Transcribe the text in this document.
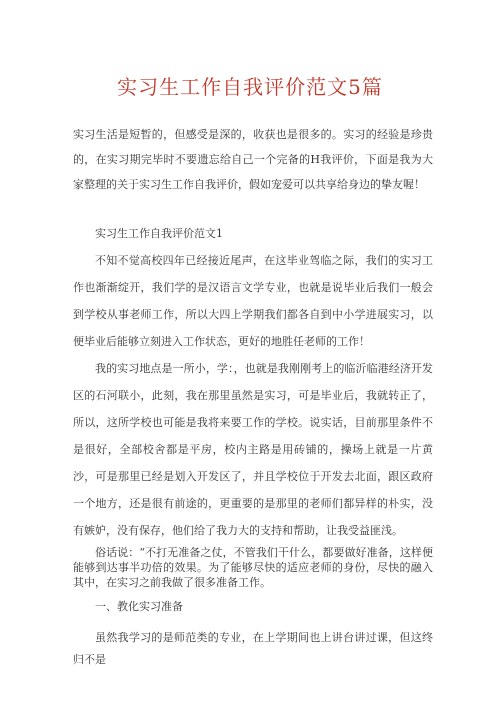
实习生工作自我评价范文5篇

实习生活是短暂的，但感受是深的，收获也是很多的。实习的经验是珍贵的，在实习期完毕时不要遗忘给自己一个完备的H我评价，下面是我为大家整理的关于实习生工作自我评价，假如宠爱可以共享给身边的挚友喔！

实习生工作自我评价范文1

不知不觉高校四年已经接近尾声，在这毕业驾临之际，我们的实习工作也渐渐绽开，我们学的是汉语言文学专业，也就是说毕业后我们一般会到学校从事老师工作，所以大四上学期我们都各自到中小学进展实习，以便毕业后能够立刻进入工作状态，更好的地胜任老师的工作！

我的实习地点是一所小，学：，也就是我刚刚考上的临沂临港经济开发区的石河联小，此刻，我在那里虽然是实习，可是毕业后，我就转正了，所以，这所学校也可能是我将来要工作的学校。说实话，目前那里条件不是很好，全部校舍都是平房，校内主路是用砖铺的，操场上就是一片黄沙，可是那里已经是划入开发区了，并且学校位于开发去北面，跟区政府一个地方，还是很有前途的，更重要的是那里的老师们都异样的朴实，没有嫉妒，没有保存，他们给了我力大的支持和帮助，让我受益匪浅。

俗话说：“不打无准备之仗，不管我们干什么，都要做好准备，这样便能够到达事半功倍的效果。为了能够尽快的适应老师的身份，尽快的融入其中，在实习之前我做了很多准备工作。

一、教化实习准备

虽然我学习的是师范类的专业，在上学期间也上讲台讲过课，但这终归不是
